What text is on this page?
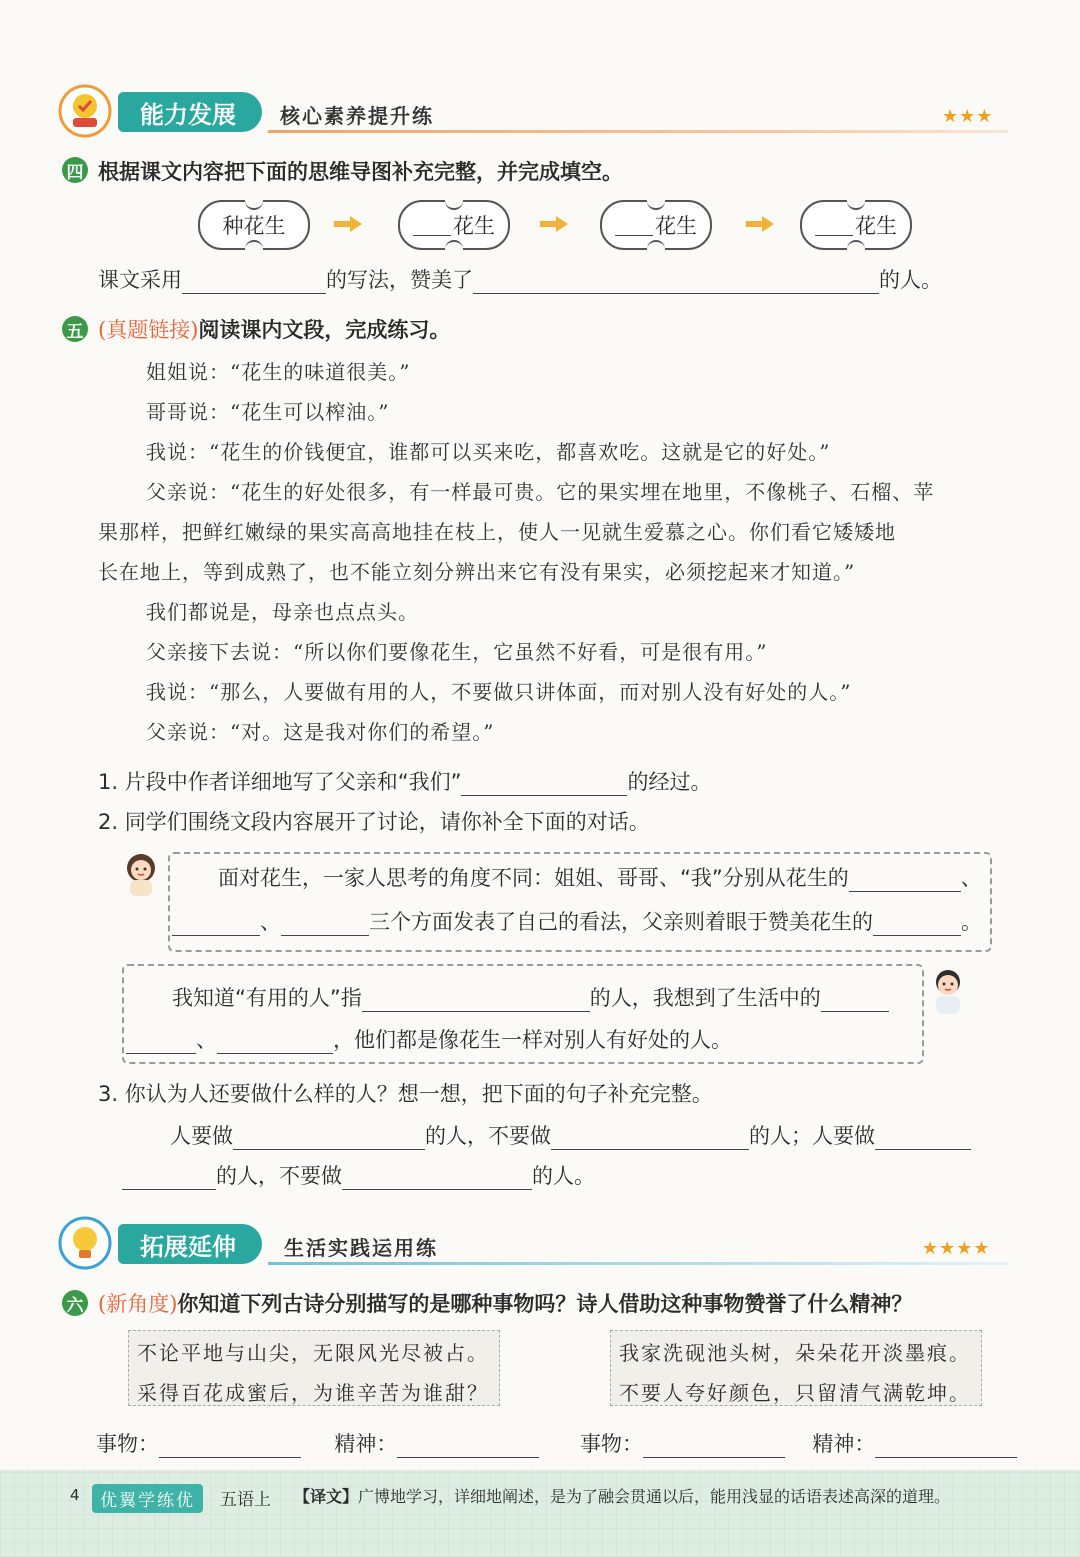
能力发展	核心素养提升练	★★★
四 根据课文内容把下面的思维导图补充完整，并完成填空。
种花生	花生	花生	花生
课文采用	的写法，赞美了	的人。
五 (真题链接)阅读课内文段，完成练习。
姐姐说：“花生的味道很美。”
哥哥说：“花生可以榨油。”
我说：“花生的价钱便宜，谁都可以买来吃，都喜欢吃。这就是它的好处。”
父亲说：“花生的好处很多，有一样最可贵。它的果实埋在地里，不像桃子、石榴、苹
果那样，把鲜红嫩绿的果实高高地挂在枝上，使人一见就生爱慕之心。你们看它矮矮地
长在地上，等到成熟了，也不能立刻分辨出来它有没有果实，必须挖起来才知道。”
我们都说是，母亲也点点头。
父亲接下去说：“所以你们要像花生，它虽然不好看，可是很有用。”
我说：“那么，人要做有用的人，不要做只讲体面，而对别人没有好处的人。”
父亲说：“对。这是我对你们的希望。”
1. 片段中作者详细地写了父亲和“我们”	的经过。
2. 同学们围绕文段内容展开了讨论，请你补全下面的对话。
面对花生，一家人思考的角度不同：姐姐、哥哥、“我”分别从花生的	、
、	三个方面发表了自己的看法，父亲则着眼于赞美花生的	。
我知道“有用的人”指	的人，我想到了生活中的
、	，他们都是像花生一样对别人有好处的人。
3. 你认为人还要做什么样的人？想一想，把下面的句子补充完整。
人要做	的人，不要做	的人；人要做
的人，不要做	的人。
拓展延伸	生活实践运用练	★★★★
六 (新角度)你知道下列古诗分别描写的是哪种事物吗？诗人借助这种事物赞誉了什么精神？
不论平地与山尖，无限风光尽被占。
采得百花成蜜后，为谁辛苦为谁甜？
我家洗砚池头树，朵朵花开淡墨痕。
不要人夸好颜色，只留清气满乾坤。
事物：	精神：	事物：	精神：
4	优翼学练优	五语上 【译文】广博地学习，详细地阐述，是为了融会贯通以后，能用浅显的话语表述高深的道理。
